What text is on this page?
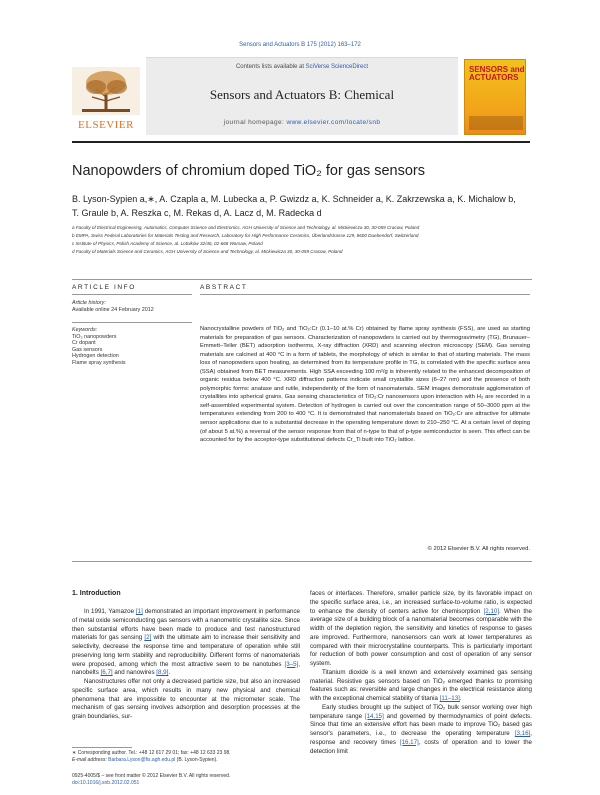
Sensors and Actuators B 175 (2012) 163–172
ELSEVIER
Contents lists available at SciVerse ScienceDirect
Sensors and Actuators B: Chemical
journal homepage: www.elsevier.com/locate/snb
SENSORS and ACTUATORS
Nanopowders of chromium doped TiO₂ for gas sensors
B. Lyson-Sypien a,∗, A. Czapla a, M. Lubecka a, P. Gwizdz a, K. Schneider a, K. Zakrzewska a, K. Michalow b,
T. Graule b, A. Reszka c, M. Rekas d, A. Lacz d, M. Radecka d
a Faculty of Electrical Engineering, Automatics, Computer Science and Electronics, AGH University of Science and Technology, al. Mickiewicza 30, 30-059 Cracow, Poland
b EMPA, Swiss Federal Laboratories for Materials Testing and Research, Laboratory for High Performance Ceramics, Überlandstrasse 129, 8600 Duebendorf, Switzerland
c Institute of Physics, Polish Academy of Science, al. Lotników 32/46, 02-668 Warsaw, Poland
d Faculty of Materials Science and Ceramics, AGH University of Science and Technology, al. Mickiewicza 30, 30-059 Cracow, Poland
ARTICLE INFO	ABSTRACT
Article history:
Available online 24 February 2012
Keywords:
TiO₂ nanopowders
Cr dopant
Gas sensors
Hydrogen detection
Flame spray synthesis
Nanocrystalline powders of TiO₂ and TiO₂:Cr (0.1–10 at.% Cr) obtained by flame spray synthesis (FSS), are used as starting materials for preparation of gas sensors. Characterization of nanopowders is carried out by thermogravimetry (TG), Brunauer–Emmett–Teller (BET) adsorption isotherms, X-ray diffraction (XRD) and scanning electron microscopy (SEM). Gas sensing materials are calcined at 400 °C in a form of tablets, the morphology of which is similar to that of starting materials. The mass loss of nanopowders upon heating, as determined from its temperature profile in TG, is correlated with the specific surface area (SSA) obtained from BET measurements. High SSA exceeding 100 m²/g is inherently related to the enhanced decomposition of organic residua below 400 °C. XRD diffraction patterns indicate small crystallite sizes (6–27 nm) and the presence of both polymorphic forms: anatase and rutile, independently of the form of nanomaterials. SEM images demonstrate agglomeration of crystallites into spherical grains. Gas sensing characteristics of TiO₂:Cr nanosensors upon interaction with H₂ are recorded in a self-assembled experimental system. Detection of hydrogen is carried out over the concentration range of 50–3000 ppm at the temperatures extending from 200 to 400 °C. It is demonstrated that nanomaterials based on TiO₂:Cr are attractive for ultimate sensor applications due to a substantial decrease in the operating temperature down to 210–250 °C. At a certain level of doping (of about 5 at.%) a reversal of the sensor response from that of n-type to that of p-type semiconductor is seen. This effect can be accounted for by the acceptor-type substitutional defects Cr_Ti built into TiO₂ lattice.
© 2012 Elsevier B.V. All rights reserved.
1. Introduction

In 1991, Yamazoe [1] demonstrated an important improvement in performance of metal oxide semiconducting gas sensors with a nanometric crystallite size. Since then substantial efforts have been made to produce and test nanostructured materials for gas sensing [2] with the ultimate aim to increase their sensitivity and selectivity, decrease the response time and temperature of operation while still preserving long term stability and reproducibility. Different forms of nanomaterials were proposed, among which the most attractive seem to be nanotubes [3–5], nanobelts [6,7] and nanowires [8,9].

Nanostructures offer not only a decreased particle size, but also an increased specific surface area, which results in many new physical and chemical phenomena that are impossible to encounter at the micrometer scale. The mechanism of gas sensing involves adsorption and desorption processes at the grain boundaries, sur-

faces or interfaces. Therefore, smaller particle size, by its favorable impact on the specific surface area, i.e., an increased surface-to-volume ratio, is expected to enhance the density of centers active for chemisorption [2,10]. When the average size of a building block of a nanomaterial becomes comparable with the width of the depletion region, the sensitivity and kinetics of response to gases are improved. Furthermore, nanosensors can work at lower temperatures as compared with their microcrystalline counterparts. This is particularly important for reduction of both power consumption and cost of operation of any sensor system.

Titanium dioxide is a well known and extensively examined gas sensing material. Resistive gas sensors based on TiO₂ emerged thanks to promising features such as: reversible and large changes in the electrical resistance along with the exceptional chemical stability of titania [11–13].

Early studies brought up the subject of TiO₂ bulk sensor working over high temperature range [14,15] and governed by thermodynamics of point defects. Since that time an extensive effort has been made to improve TiO₂ based gas sensor's parameters, i.e., to decrease the operating temperature [3,16], response and recovery times [16,17], costs of operation and to lower the detection limit

∗ Corresponding author. Tel.: +48 12 617 29 01; fax: +48 12 633 23 98.
E-mail address: Barbara.Lyson@fis.agh.edu.pl (B. Lyson-Sypien).
0925-4005/$ – see front matter © 2012 Elsevier B.V. All rights reserved.
doi:10.1016/j.snb.2012.02.051
